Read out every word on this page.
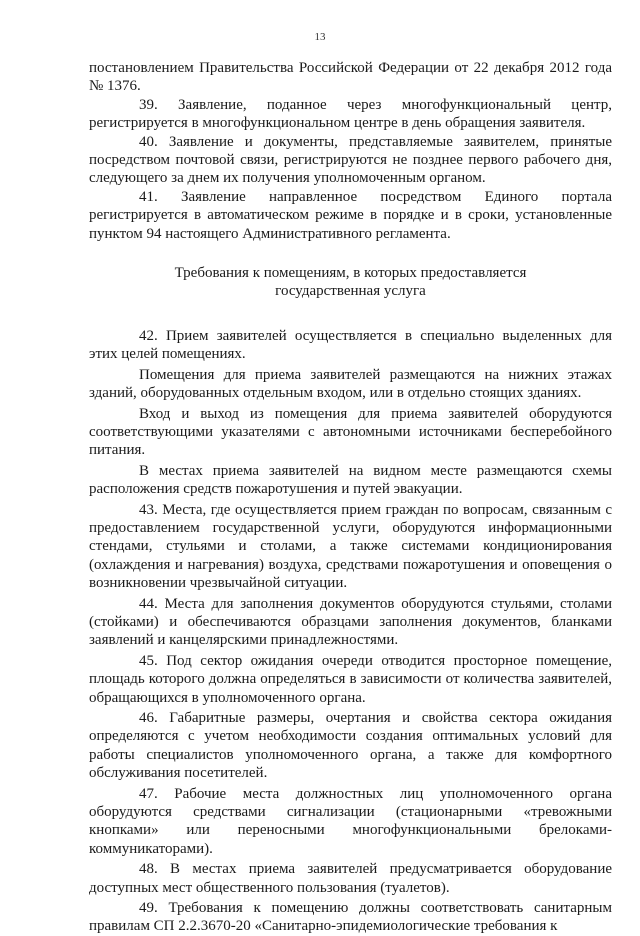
13

постановлением Правительства Российской Федерации от 22 декабря 2012 года № 1376.

39. Заявление, поданное через многофункциональный центр, регистрируется в многофункциональном центре в день обращения заявителя.

40. Заявление и документы, представляемые заявителем, принятые посредством почтовой связи, регистрируются не позднее первого рабочего дня, следующего за днем их получения уполномоченным органом.

41. Заявление направленное посредством Единого портала регистрируется в автоматическом режиме в порядке и в сроки, установленные пунктом 94 настоящего Административного регламента.

Требования к помещениям, в которых предоставляется
государственная услуга

42. Прием заявителей осуществляется в специально выделенных для этих целей помещениях.

Помещения для приема заявителей размещаются на нижних этажах зданий, оборудованных отдельным входом, или в отдельно стоящих зданиях.

Вход и выход из помещения для приема заявителей оборудуются соответствующими указателями с автономными источниками бесперебойного питания.

В местах приема заявителей на видном месте размещаются схемы расположения средств пожаротушения и путей эвакуации.

43. Места, где осуществляется прием граждан по вопросам, связанным с предоставлением государственной услуги, оборудуются информационными стендами, стульями и столами, а также системами кондиционирования (охлаждения и нагревания) воздуха, средствами пожаротушения и оповещения о возникновении чрезвычайной ситуации.

44. Места для заполнения документов оборудуются стульями, столами (стойками) и обеспечиваются образцами заполнения документов, бланками заявлений и канцелярскими принадлежностями.

45. Под сектор ожидания очереди отводится просторное помещение, площадь которого должна определяться в зависимости от количества заявителей, обращающихся в уполномоченного органа.

46. Габаритные размеры, очертания и свойства сектора ожидания определяются с учетом необходимости создания оптимальных условий для работы специалистов уполномоченного органа, а также для комфортного обслуживания посетителей.

47. Рабочие места должностных лиц уполномоченного органа оборудуются средствами сигнализации (стационарными «тревожными кнопками» или переносными многофункциональными брелоками-коммуникаторами).

48. В местах приема заявителей предусматривается оборудование доступных мест общественного пользования (туалетов).

49. Требования к помещению должны соответствовать санитарным правилам СП 2.2.3670-20 «Санитарно-эпидемиологические требования к
